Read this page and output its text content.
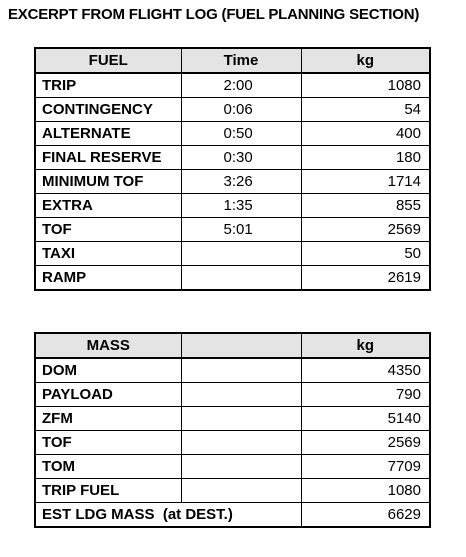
EXCERPT FROM FLIGHT LOG (FUEL PLANNING SECTION)
FUEL	Time	kg
TRIP	2:00	1080
CONTINGENCY	0:06	54
ALTERNATE	0:50	400
FINAL RESERVE	0:30	180
MINIMUM TOF	3:26	1714
EXTRA	1:35	855
TOF	5:01	2569
TAXI		50
RAMP		2619
MASS		kg
DOM		4350
PAYLOAD		790
ZFM		5140
TOF		2569
TOM		7709
TRIP FUEL		1080
EST LDG MASS  (at DEST.)		6629
